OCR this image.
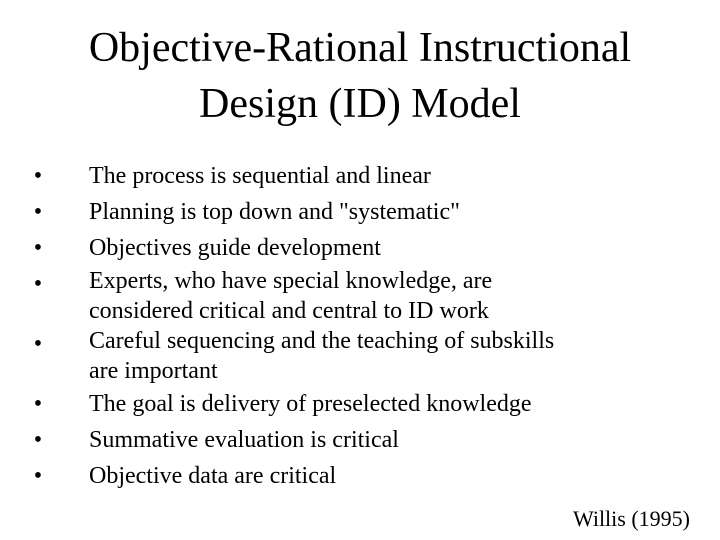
Objective-Rational Instructional
Design (ID) Model
• The process is sequential and linear
• Planning is top down and "systematic"
• Objectives guide development
• Experts, who have special knowledge, are
considered critical and central to ID work
• Careful sequencing and the teaching of subskills
are important
• The goal is delivery of preselected knowledge
• Summative evaluation is critical
• Objective data are critical
Willis (1995)
